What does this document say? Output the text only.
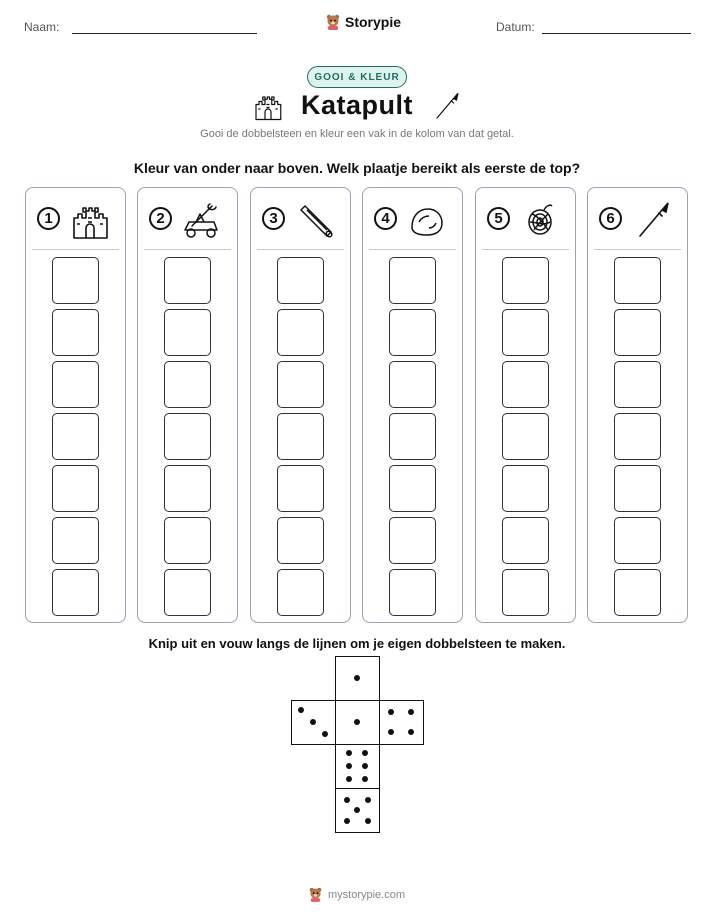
Naam:	Storypie	Datum:
GOOI & KLEUR
Katapult
Gooi de dobbelsteen en kleur een vak in de kolom van dat getal.
Kleur van onder naar boven. Welk plaatje bereikt als eerste de top?
1	2	3	4	5	6
Knip uit en vouw langs de lijnen om je eigen dobbelsteen te maken.
mystorypie.com
